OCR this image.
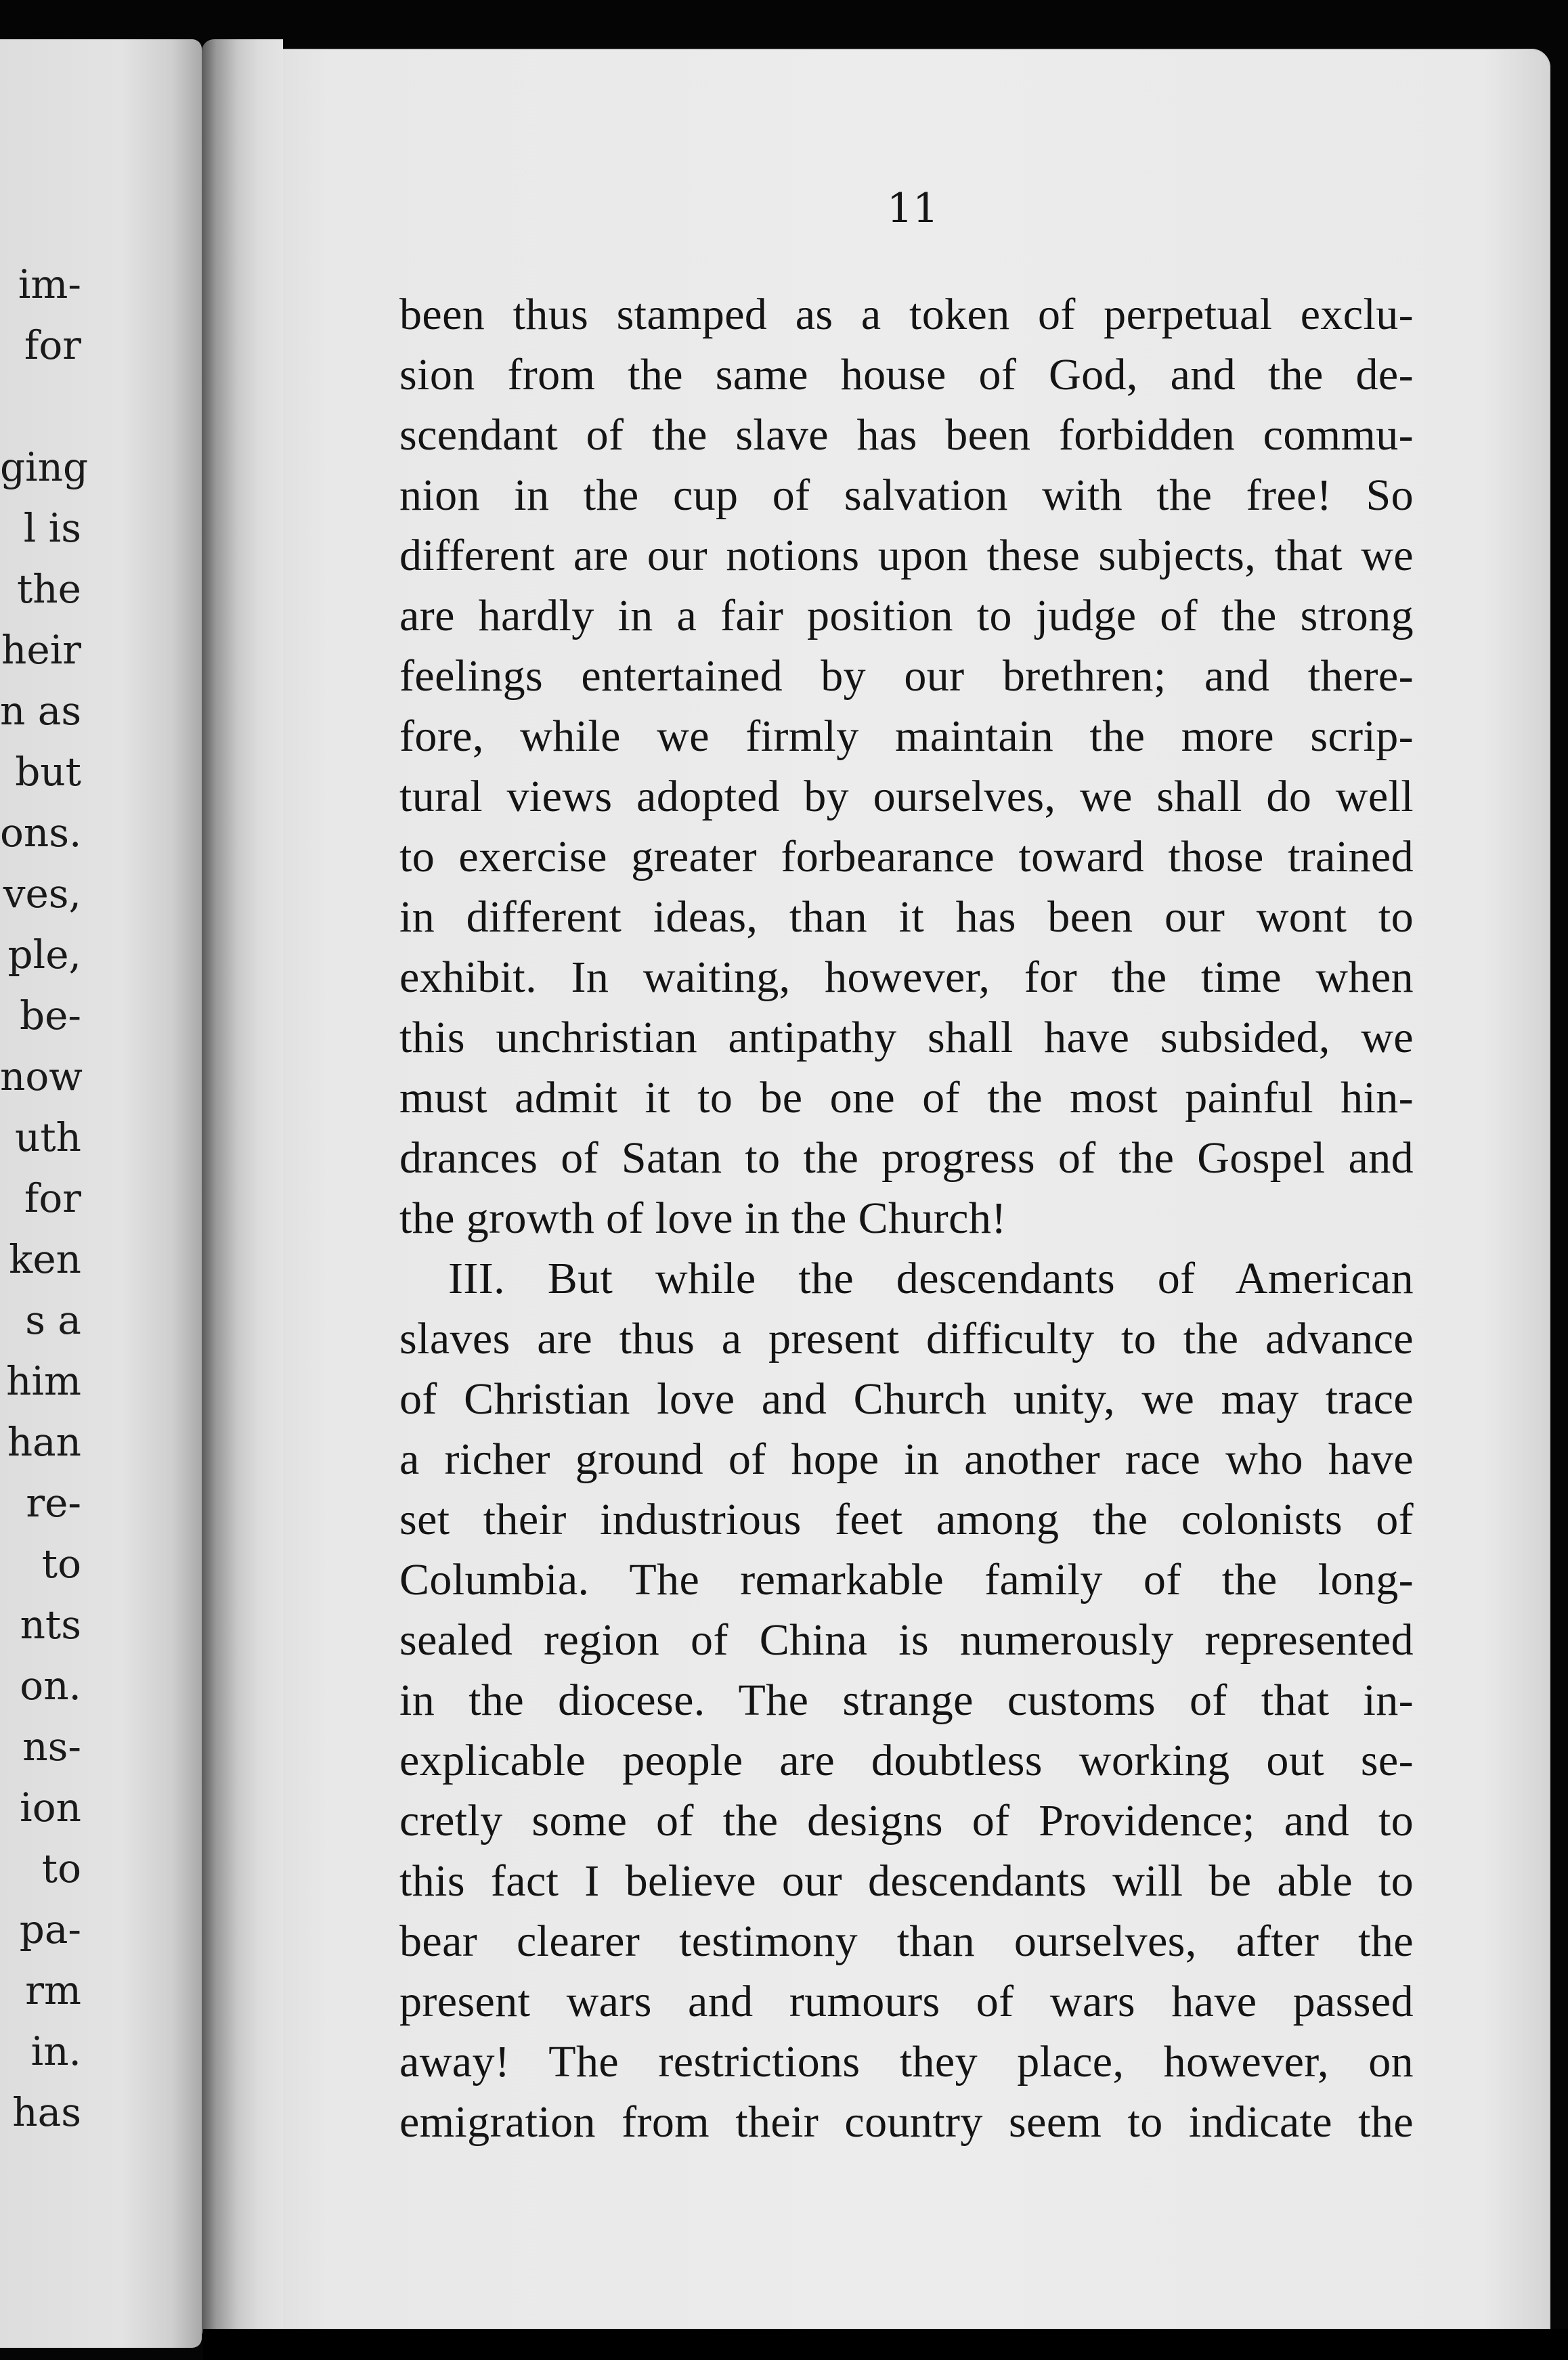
im-
for
ging
l is
the
heir
n as
but
ons.
ves,
ple,
be-
now
uth
for
ken
s a
him
han
re-
to
nts
on.
ns-
ion
to
pa-
rm
in.
has
11
been thus stamped as a token of perpetual exclu-
sion from the same house of God, and the de-
scendant of the slave has been forbidden commu-
nion in the cup of salvation with the free! So
different are our notions upon these subjects, that we
are hardly in a fair position to judge of the strong
feelings entertained by our brethren; and there-
fore, while we firmly maintain the more scrip-
tural views adopted by ourselves, we shall do well
to exercise greater forbearance toward those trained
in different ideas, than it has been our wont to
exhibit. In waiting, however, for the time when
this unchristian antipathy shall have subsided, we
must admit it to be one of the most painful hin-
drances of Satan to the progress of the Gospel and
the growth of love in the Church!
III. But while the descendants of American
slaves are thus a present difficulty to the advance
of Christian love and Church unity, we may trace
a richer ground of hope in another race who have
set their industrious feet among the colonists of
Columbia. The remarkable family of the long-
sealed region of China is numerously represented
in the diocese. The strange customs of that in-
explicable people are doubtless working out se-
cretly some of the designs of Providence; and to
this fact I believe our descendants will be able to
bear clearer testimony than ourselves, after the
present wars and rumours of wars have passed
away! The restrictions they place, however, on
emigration from their country seem to indicate the
